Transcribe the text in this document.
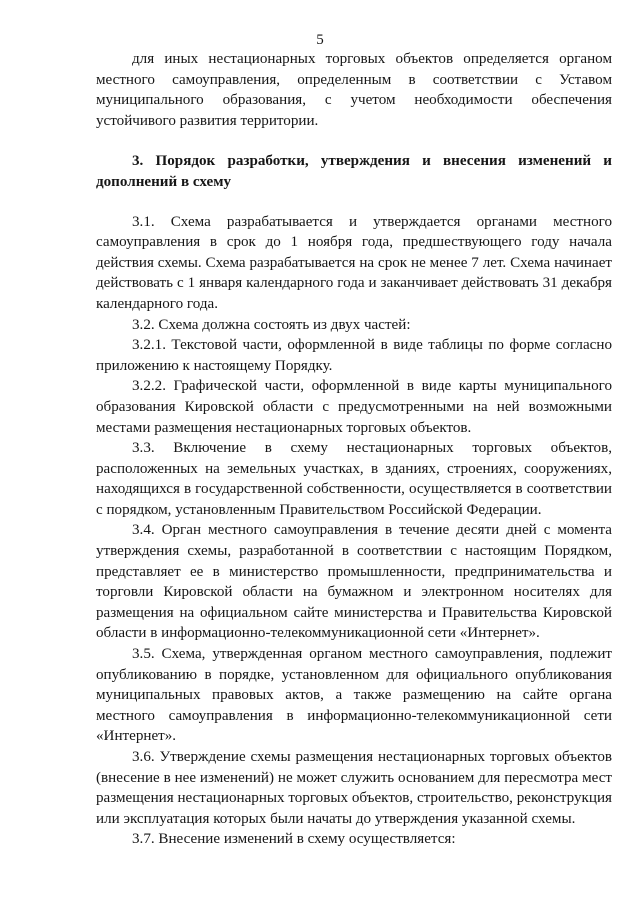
5

для иных нестационарных торговых объектов определяется органом местного самоуправления, определенным в соответствии с Уставом муниципального образования, с учетом необходимости обеспечения устойчивого развития территории.

3. Порядок разработки, утверждения и внесения изменений и дополнений в схему

3.1. Схема разрабатывается и утверждается органами местного самоуправления в срок до 1 ноября года, предшествующего году начала действия схемы. Схема разрабатывается на срок не менее 7 лет. Схема начинает действовать с 1 января календарного года и заканчивает действовать 31 декабря календарного года.

3.2. Схема должна состоять из двух частей:

3.2.1. Текстовой части, оформленной в виде таблицы по форме согласно приложению к настоящему Порядку.

3.2.2. Графической части, оформленной в виде карты муниципального образования Кировской области с предусмотренными на ней возможными местами размещения нестационарных торговых объектов.

3.3. Включение в схему нестационарных торговых объектов, расположенных на земельных участках, в зданиях, строениях, сооружениях, находящихся в государственной собственности, осуществляется в соответствии с порядком, установленным Правительством Российской Федерации.

3.4. Орган местного самоуправления в течение десяти дней с момента утверждения схемы, разработанной в соответствии с настоящим Порядком, представляет ее в министерство промышленности, предпринимательства и торговли Кировской области на бумажном и электронном носителях для размещения на официальном сайте министерства и Правительства Кировской области в информационно-телекоммуникационной сети «Интернет».

3.5. Схема, утвержденная органом местного самоуправления, подлежит опубликованию в порядке, установленном для официального опубликования муниципальных правовых актов, а также размещению на сайте органа местного самоуправления в информационно-телекоммуникационной сети «Интернет».

3.6. Утверждение схемы размещения нестационарных торговых объектов (внесение в нее изменений) не может служить основанием для пересмотра мест размещения нестационарных торговых объектов, строительство, реконструкция или эксплуатация которых были начаты до утверждения указанной схемы.

3.7. Внесение изменений в схему осуществляется:
